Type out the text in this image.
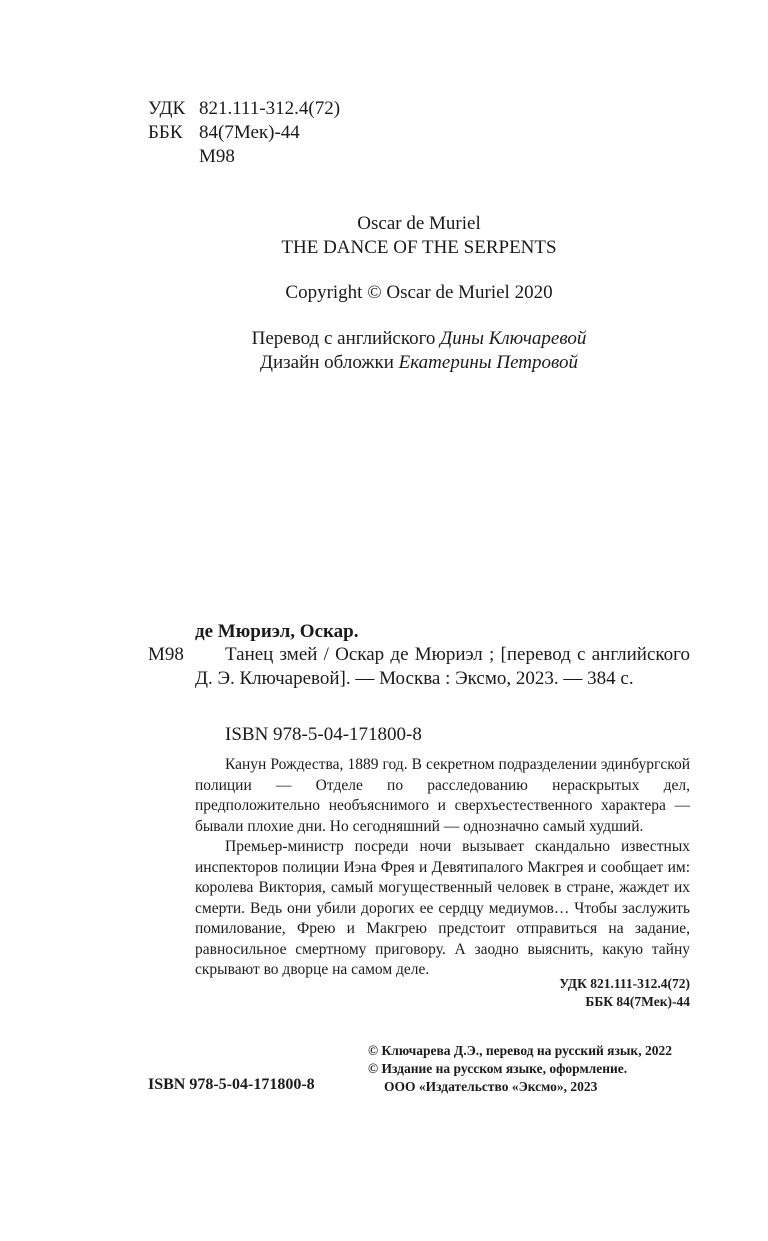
УДК 821.111-312.4(72)
ББК 84(7Мек)-44
М98
Oscar de Muriel
THE DANCE OF THE SERPENTS
Copyright © Oscar de Muriel 2020
Перевод с английского Дины Ключаревой
Дизайн обложки Екатерины Петровой
де Мюриэл, Оскар.
М98	Танец змей / Оскар де Мюриэл ; [перевод с английского Д. Э. Ключаревой]. — Москва : Эксмо, 2023. — 384 с.
ISBN 978-5-04-171800-8

Канун Рождества, 1889 год. В секретном подразделении эдинбургской полиции — Отделе по расследованию нераскрытых дел, предположительно необъяснимого и сверхъестественного характера — бывали плохие дни. Но сегодняшний — однозначно самый худший.

Премьер-министр посреди ночи вызывает скандально известных инспекторов полиции Иэна Фрея и Девятипалого Макгрея и сообщает им: королева Виктория, самый могущественный человек в стране, жаждет их смерти. Ведь они убили дорогих ее сердцу медиумов… Чтобы заслужить помилование, Фрею и Макгрею предстоит отправиться на задание, равносильное смертному приговору. А заодно выяснить, какую тайну скрывают во дворце на самом деле.

УДК 821.111-312.4(72)
ББК 84(7Мек)-44
© Ключарева Д.Э., перевод на русский язык, 2022
© Издание на русском языке, оформление.
ООО «Издательство «Эксмо», 2023
ISBN 978-5-04-171800-8
